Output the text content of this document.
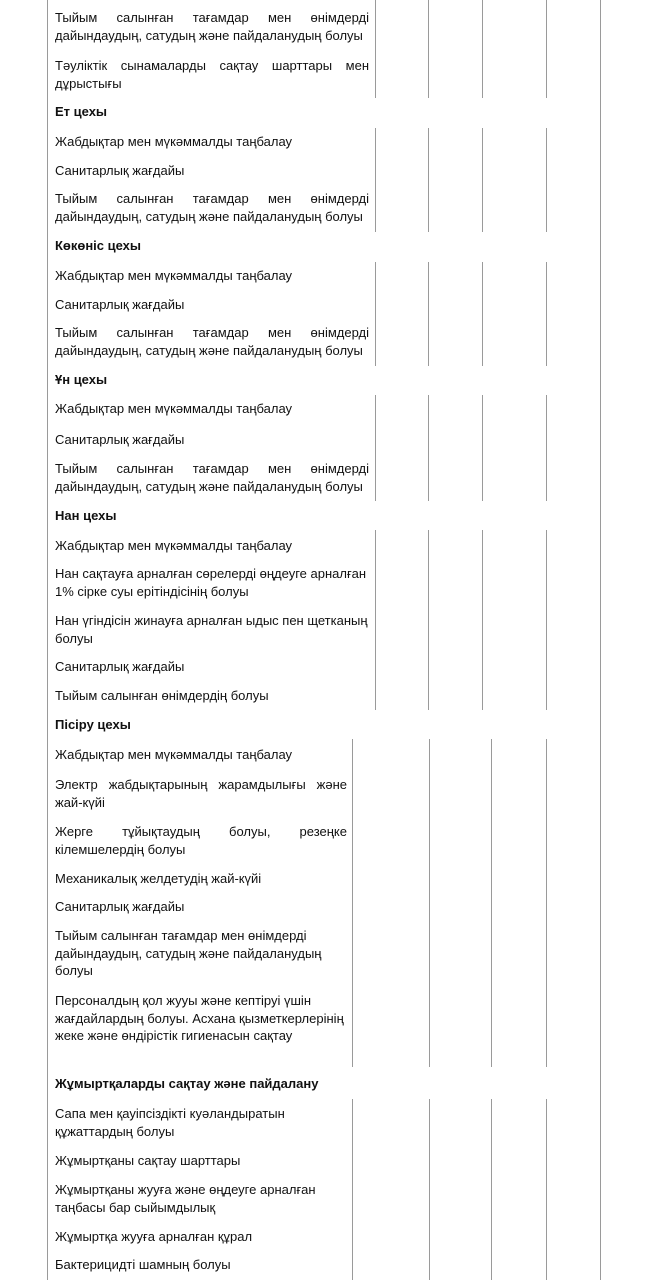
Тыйым салынған тағамдар мен өнімдерді дайындаудың, сатудың және пайдаланудың болуы
Тәуліктік сынамаларды сақтау шарттары мен дұрыстығы
Ет цехы
Жабдықтар мен мүкәммалды таңбалау
Санитарлық жағдайы
Тыйым салынған тағамдар мен өнімдерді дайындаудың, сатудың және пайдаланудың болуы
Көкөніс цехы
Жабдықтар мен мүкәммалды таңбалау
Санитарлық жағдайы
Тыйым салынған тағамдар мен өнімдерді дайындаудың, сатудың және пайдаланудың болуы
Ұн цехы
Жабдықтар мен мүкәммалды таңбалау
Санитарлық жағдайы
Тыйым салынған тағамдар мен өнімдерді дайындаудың, сатудың және пайдаланудың болуы
Нан цехы
Жабдықтар мен мүкәммалды таңбалау
Нан сақтауға арналған сөрелерді өңдеуге арналған 1% сірке суы ерітіндісінің болуы
Нан үгіндісін жинауға арналған ыдыс пен щетканың болуы
Санитарлық жағдайы
Тыйым салынған өнімдердің болуы
Пісіру цехы
Жабдықтар мен мүкәммалды таңбалау
Электр жабдықтарының жарамдылығы және жай-күйі
Жерге тұйықтаудың болуы, резеңке кілемшелердің болуы
Механикалық желдетудің жай-күйі
Санитарлық жағдайы
Тыйым салынған тағамдар мен өнімдерді дайындаудың, сатудың және пайдаланудың болуы
Персоналдың қол жууы және кептіруі үшін жағдайлардың болуы. Асхана қызметкерлерінің жеке және өндірістік гигиенасын сақтау
Жұмыртқаларды сақтау және пайдалану
Сапа мен қауіпсіздікті куәландыратын құжаттардың болуы
Жұмыртқаны сақтау шарттары
Жұмыртқаны жууға және өңдеуге арналған таңбасы бар сыйымдылық
Жұмыртқа жууға арналған құрал
Бактерицидті шамның болуы
